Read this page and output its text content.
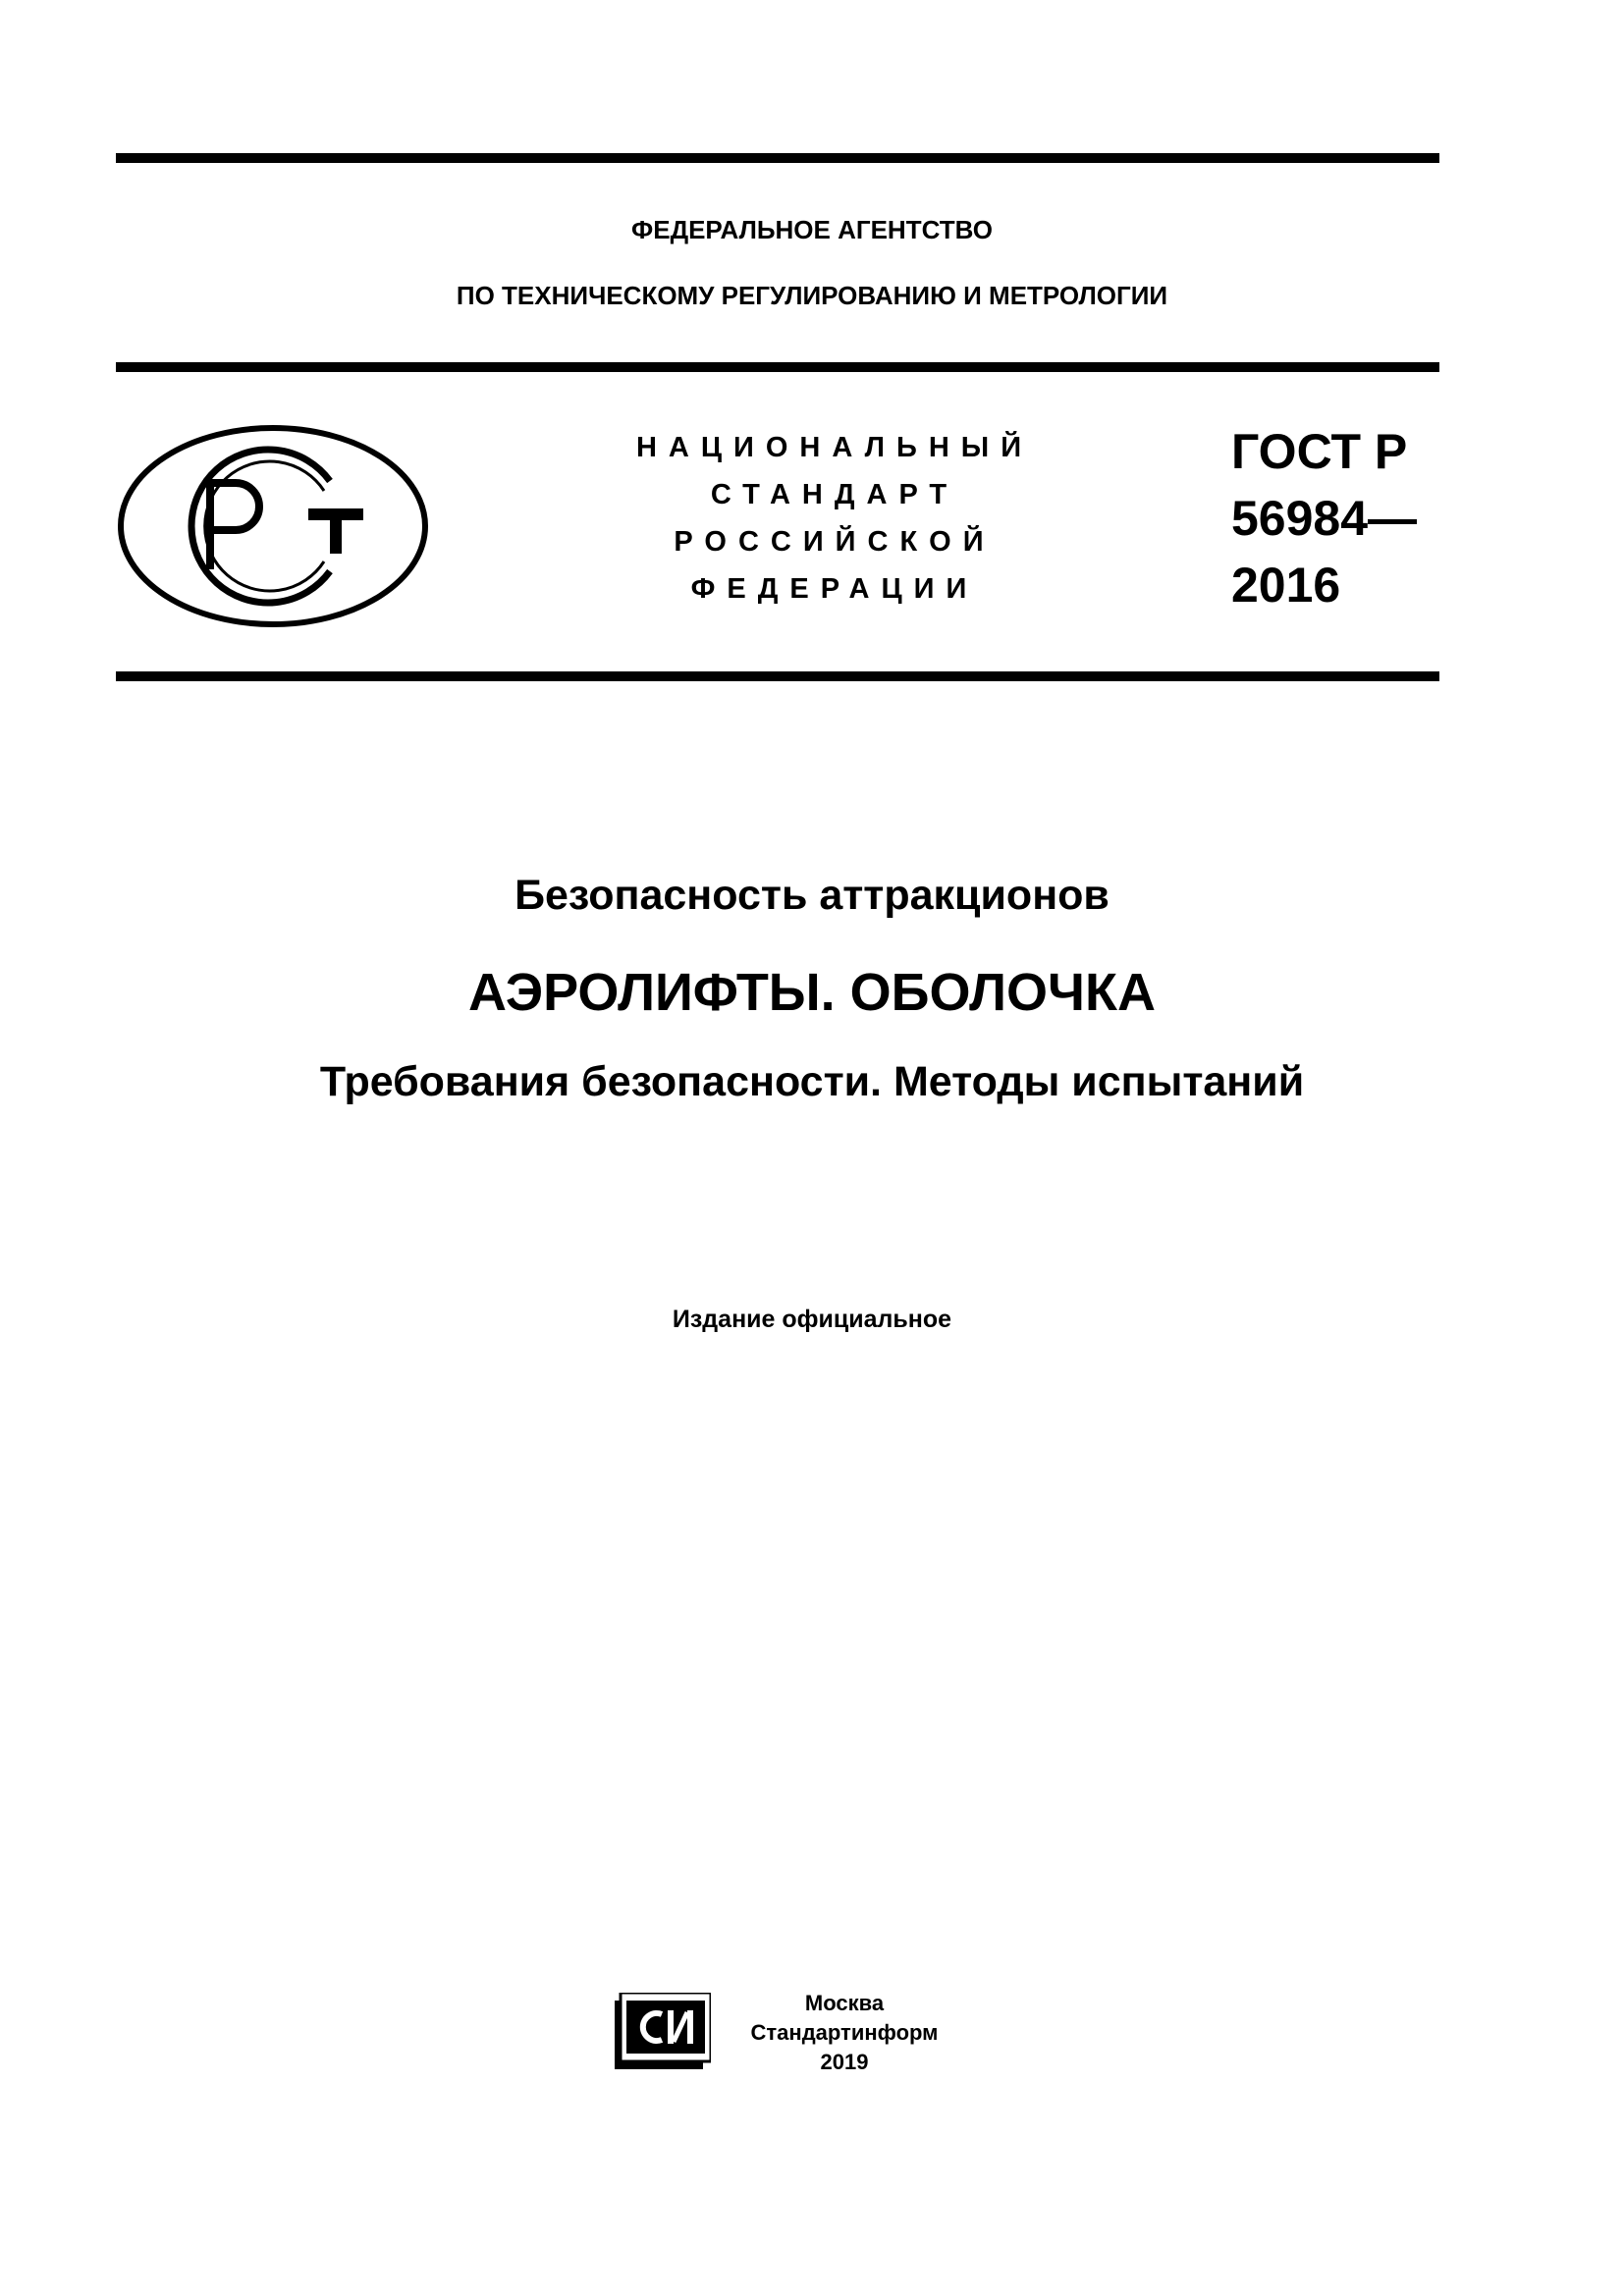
ФЕДЕРАЛЬНОЕ АГЕНТСТВО
ПО ТЕХНИЧЕСКОМУ РЕГУЛИРОВАНИЮ И МЕТРОЛОГИИ
НАЦИОНАЛЬНЫЙ
СТАНДАРТ
РОССИЙСКОЙ
ФЕДЕРАЦИИ
ГОСТ Р
56984—
2016
Безопасность аттракционов
АЭРОЛИФТЫ. ОБОЛОЧКА
Требования безопасности. Методы испытаний
Издание официальное
Москва
Стандартинформ
2019
